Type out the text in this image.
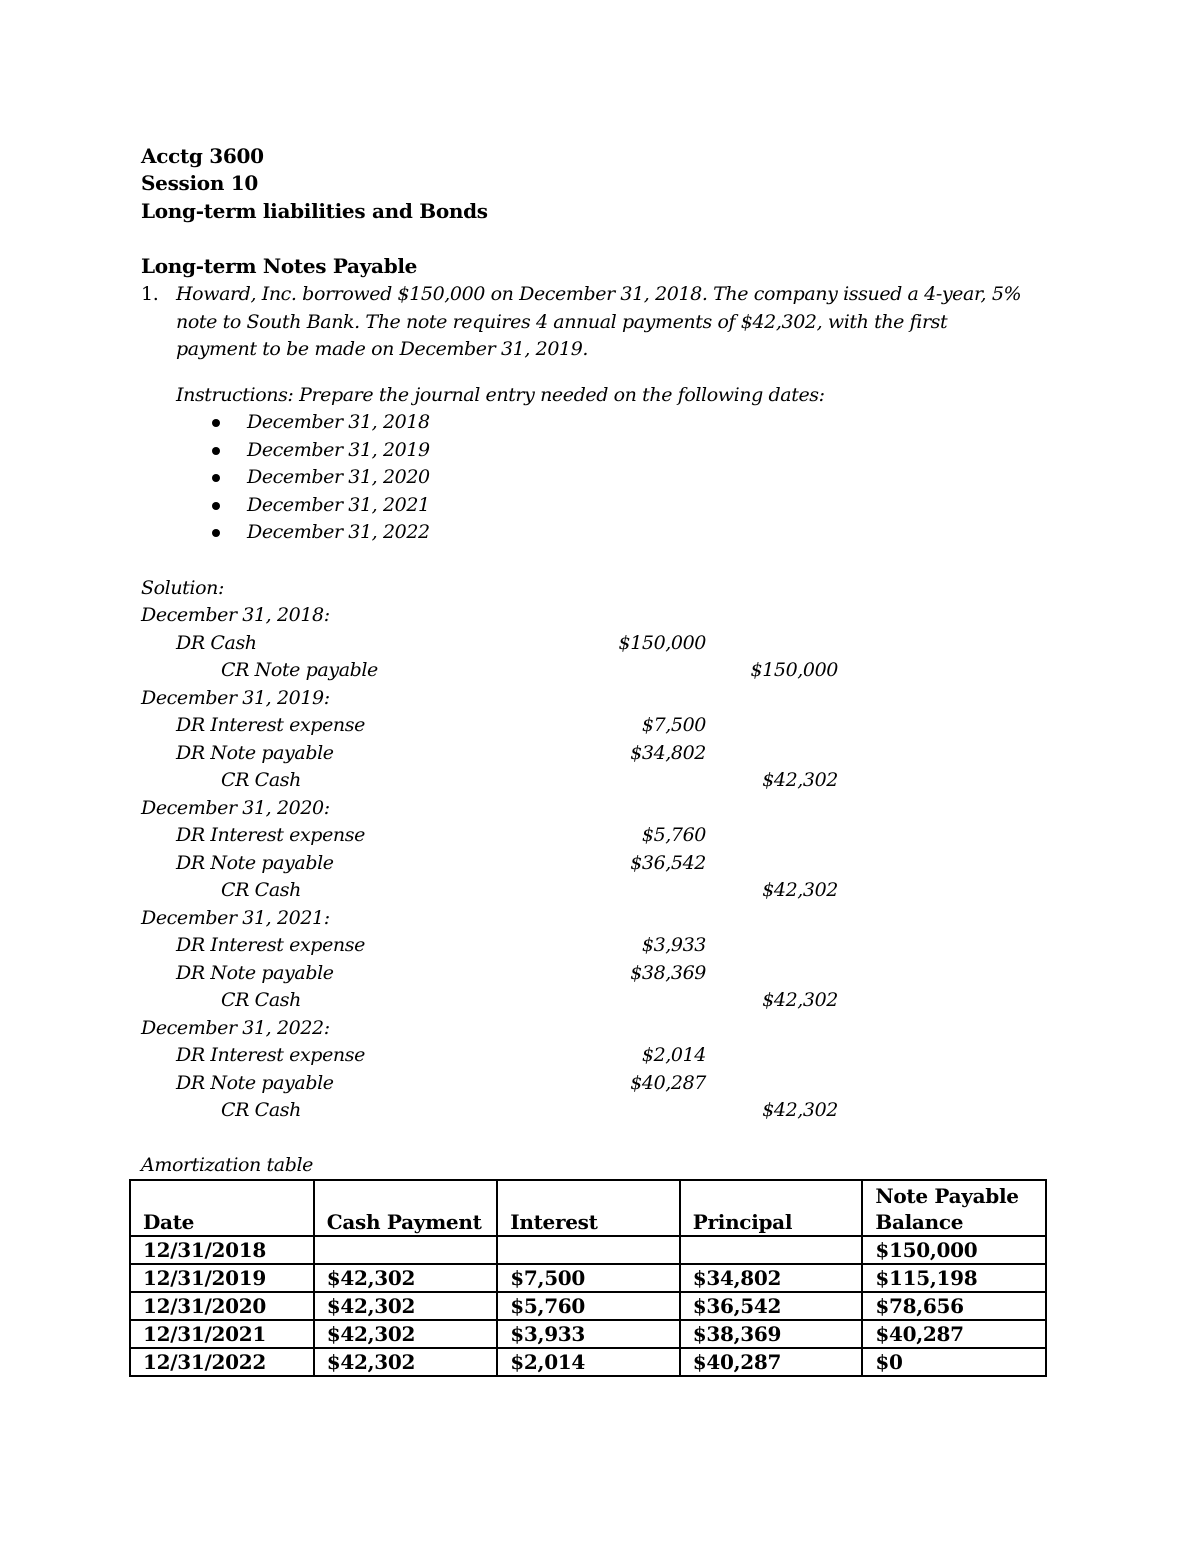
Acctg 3600
Session 10
Long-term liabilities and Bonds
Long-term Notes Payable
1. Howard, Inc. borrowed $150,000 on December 31, 2018. The company issued a 4-year, 5%
note to South Bank. The note requires 4 annual payments of $42,302, with the first
payment to be made on December 31, 2019.
Instructions: Prepare the journal entry needed on the following dates:
December 31, 2018
December 31, 2019
December 31, 2020
December 31, 2021
December 31, 2022
Solution:
December 31, 2018:
DR Cash	$150,000
CR Note payable	$150,000
December 31, 2019:
DR Interest expense	$7,500
DR Note payable	$34,802
CR Cash	$42,302
December 31, 2020:
DR Interest expense	$5,760
DR Note payable	$36,542
CR Cash	$42,302
December 31, 2021:
DR Interest expense	$3,933
DR Note payable	$38,369
CR Cash	$42,302
December 31, 2022:
DR Interest expense	$2,014
DR Note payable	$40,287
CR Cash	$42,302
Amortization table
Date	Cash Payment	Interest	Principal	Note Payable
Balance
12/31/2018				$150,000
12/31/2019	$42,302	$7,500	$34,802	$115,198
12/31/2020	$42,302	$5,760	$36,542	$78,656
12/31/2021	$42,302	$3,933	$38,369	$40,287
12/31/2022	$42,302	$2,014	$40,287	$0
